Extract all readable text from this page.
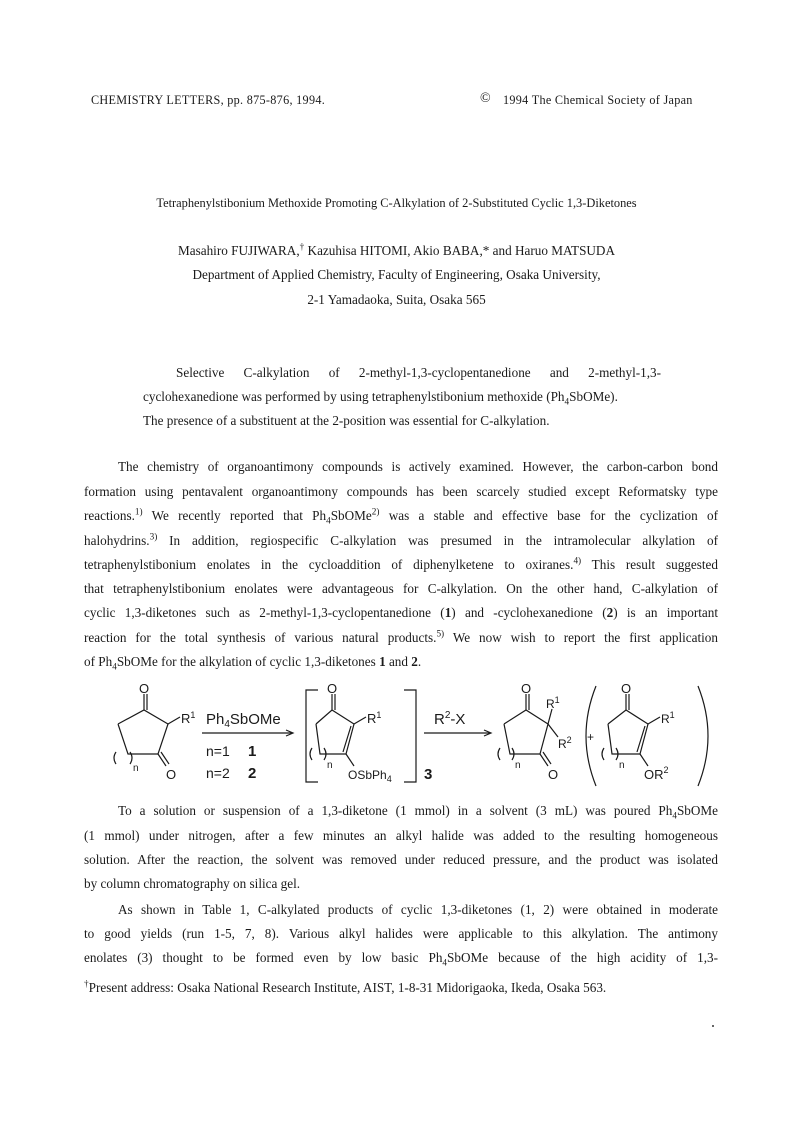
CHEMISTRY LETTERS, pp. 875-876, 1994.	© 1994 The Chemical Society of Japan
Tetraphenylstibonium Methoxide Promoting C-Alkylation of 2-Substituted Cyclic 1,3-Diketones
Masahiro FUJIWARA,† Kazuhisa HITOMI, Akio BABA,* and Haruo MATSUDA
Department of Applied Chemistry, Faculty of Engineering, Osaka University,
2-1 Yamadaoka, Suita, Osaka 565
Selective C-alkylation of 2-methyl-1,3-cyclopentanedione and 2-methyl-1,3-
cyclohexanedione was performed by using tetraphenylstibonium methoxide $(Ph_4SbOMe)$.
The presence of a substituent at the 2-position was essential for C-alkylation.
The chemistry of organoantimony compounds is actively examined. However, the carbon-carbon bond
formation using pentavalent organoantimony compounds has been scarcely studied except Reformatsky type
reactions.$^{1)}$ We recently reported that $Ph_4SbOMe^{2)}$ was a stable and effective base for the cyclization of
halohydrins.$^{3)}$ In addition, regiospecific C-alkylation was presumed in the intramolecular alkylation of
tetraphenylstibonium enolates in the cycloaddition of diphenylketene to oxiranes.$^{4)}$ This result suggested
that tetraphenylstibonium enolates were advantageous for C-alkylation. On the other hand, C-alkylation of
cyclic 1,3-diketones such as 2-methyl-1,3-cyclopentanedione (1) and -cyclohexanedione (2) is an important
reaction for the total synthesis of various natural products.$^{5)}$ We now wish to report the first application
of $Ph_4SbOMe$ for the alkylation of cyclic 1,3-diketones 1 and 2.
O
$R^1$
O
n
$Ph_4SbOMe$
n=1 1
n=2 2
O
$R^1$
n
OSbPh$_4$ 3
$R^2-X$
O
$R^1$
$R^2$
O
n
+
O
$R^1$
n
$OR^2$
To a solution or suspension of a 1,3-diketone (1 mmol) in a solvent (3 mL) was poured $Ph_4SbOMe$
(1 mmol) under nitrogen, after a few minutes an alkyl halide was added to the resulting homogeneous
solution. After the reaction, the solvent was removed under reduced pressure, and the product was isolated
by column chromatography on silica gel.
As shown in Table 1, C-alkylated products of cyclic 1,3-diketones (1, 2) were obtained in moderate
to good yields (run 1-5, 7, 8). Various alkyl halides were applicable to this alkylation. The antimony
enolates (3) thought to be formed even by low basic $Ph_4SbOMe$ because of the high acidity of 1,3-
†Present address: Osaka National Research Institute, AIST, 1-8-31 Midorigaoka, Ikeda, Osaka 563.
